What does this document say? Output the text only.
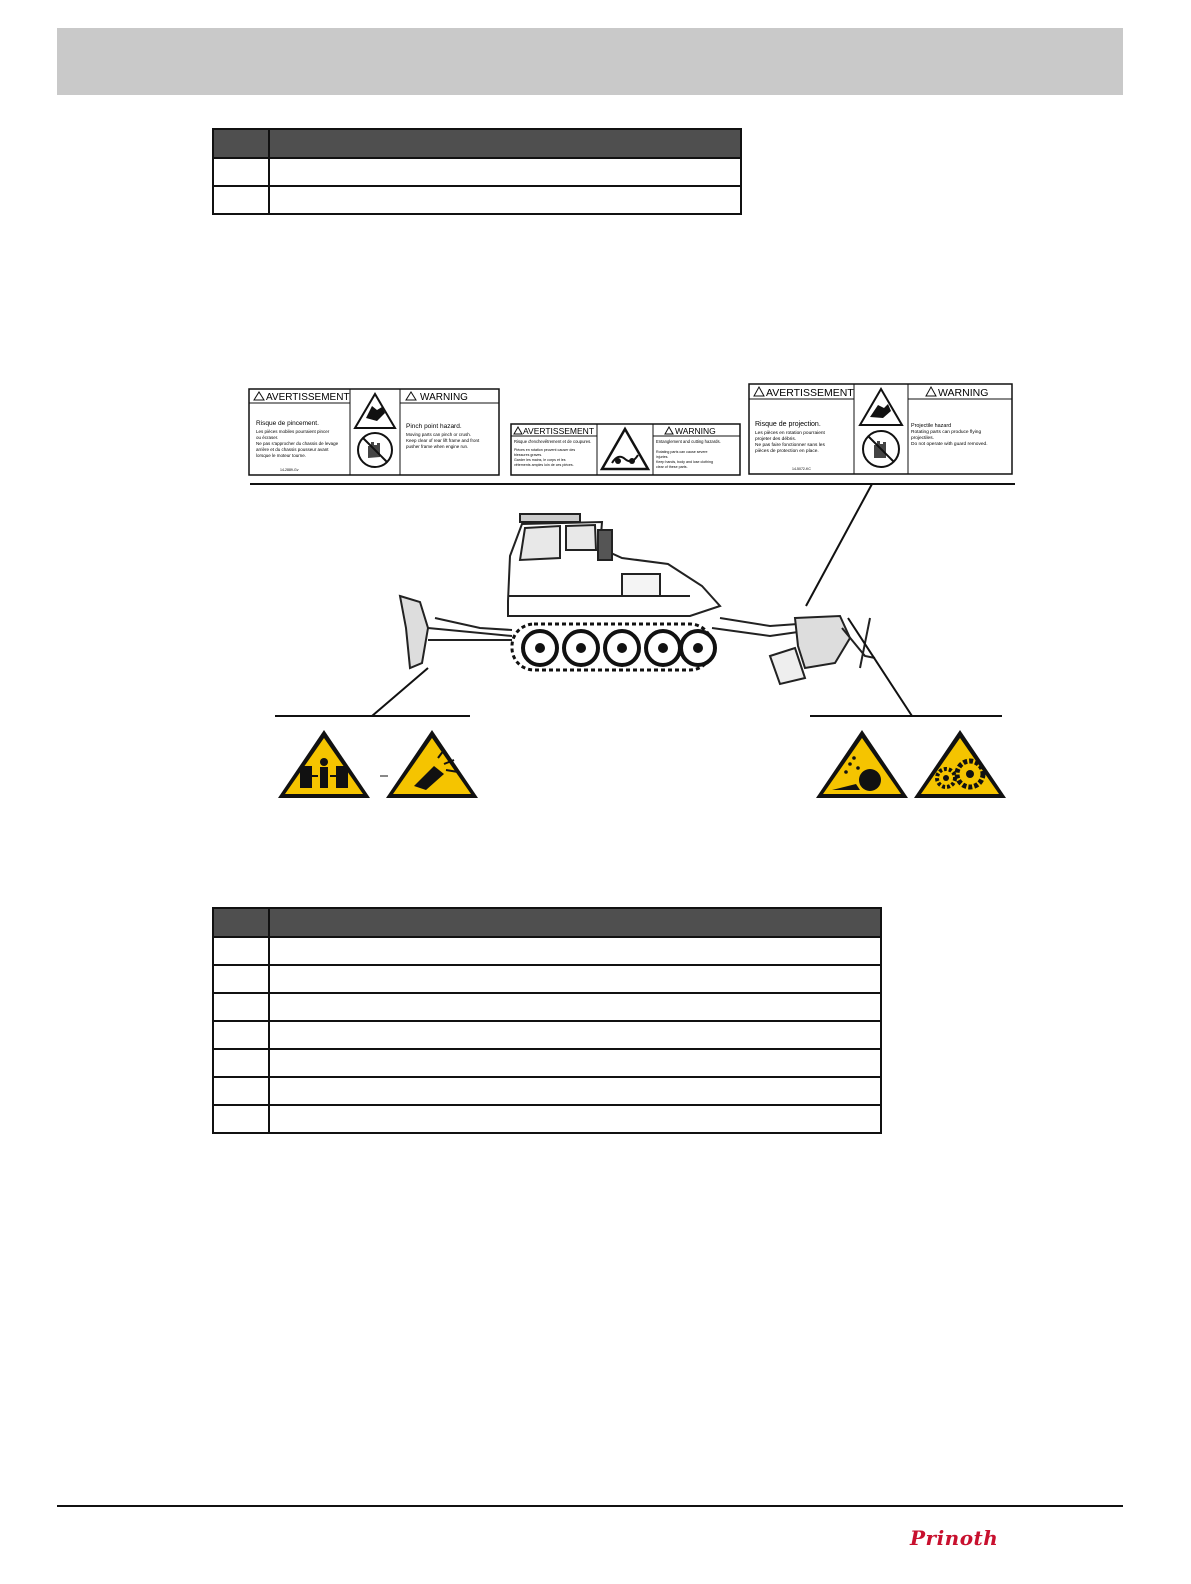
AVERTISSEMENT	WARNING
Risque de pincement.
Les pièces mobiles pourraient pincer
ou écraser.
Ne pas s'approcher du chassis de levage
arrière et du chassis pousseur avant
lorsque le moteur tourne.
14-2889-Gv
Pinch point hazard.
Moving parts can pinch or crush.
Keep clear of rear lift frame and front
pusher frame when engine run.
AVERTISSEMENT	WARNING
Risque d'enchevêtrement et de coupures.
Pièces en rotation peuvent causer des
blessures graves.
Garder les mains, le corps et les
vêtements amples loin de ces pièces.
Entanglement and cutting hazards.
Rotating parts can cause severe
injuries.
Keep hands, body and lose clothing
clear of these parts.
AVERTISSEMENT	WARNING
Risque de projection.
Les pièces en rotation pourraient
projeter des débris.
Ne pas faire fonctionner sans les
pièces de protection en place.
14-5072-KC
Projectile hazard
Rotating parts can produce flying
projectiles.
Do not operate with guard removed.

Prinoth
